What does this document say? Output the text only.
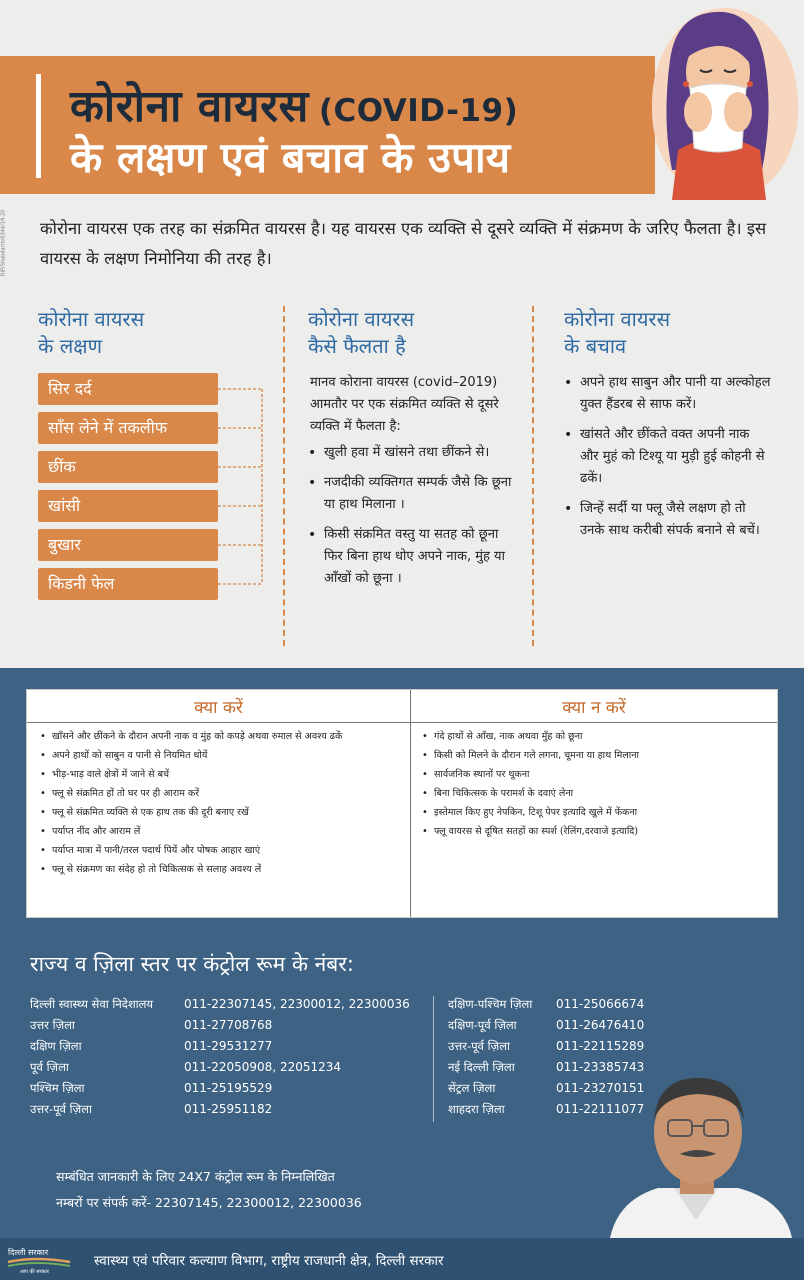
DIP/Shabdarth/0344/19-20
कोरोना वायरस (COVID-19)
के लक्षण एवं बचाव के उपाय
कोरोना वायरस एक तरह का संक्रमित वायरस है। यह वायरस एक व्यक्ति से दूसरे व्यक्ति में संक्रमण के जरिए फैलता है। इस वायरस के लक्षण निमोनिया की तरह है।
कोरोना वायरस
के लक्षण
सिर दर्द
साँस लेने में तकलीफ
छींक
खांसी
बुखार
किडनी फेल
कोरोना वायरस
कैसे फैलता है
मानव कोराना वायरस (covid–2019) आमतौर पर एक संक्रमित व्यक्ति से दूसरे व्यक्ति में फैलता है:
• खुली हवा में खांसने तथा छींकने से।
• नजदीकी व्यक्तिगत सम्पर्क जैसे कि छूना या हाथ मिलाना ।
• किसी संक्रमित वस्तु या सतह को छूना फिर बिना हाथ धोए अपने नाक, मुंह या आँखों को छूना ।
कोरोना वायरस
के बचाव
• अपने हाथ साबुन और पानी या अल्कोहल युक्त हैंडरब से साफ करें।
• खांसते और छींकते वक्त अपनी नाक और मुहं को टिश्यू या मुड़ी हुई कोहनी से ढकें।
• जिन्हें सर्दी या फ्लू जैसे लक्षण हो तो उनके साथ करीबी संपर्क बनाने से बचें।
क्या करें	क्या न करें
• खाँसने और छींकने के दौरान अपनी नाक व मुंह को कपड़े अथवा रुमाल से अवश्य ढकें
• अपने हाथों को साबुन व पानी से नियमित धोयें
• भीड़-भाड़ वाले क्षेत्रों में जाने से बचें
• फ्लू से संक्रमित हों तो घर पर ही आराम करें
• फ्लू से संक्रमित व्यक्ति से एक हाथ तक की दूरी बनाए रखें
• पर्याप्त नींद और आराम लें
• पर्याप्त मात्रा में पानी/तरल पदार्थ पियें और पोषक आहार खाएं
• फ्लू से संक्रमण का संदेह हो तो चिकित्सक से सलाह अवश्य लें
• गंदे हाथों से आँख, नाक अथवा मुँह को छूना
• किसी को मिलने के दौरान गले लगना, चूमना या हाथ मिलाना
• सार्वजनिक स्थानों पर थूकना
• बिना चिकित्सक के परामर्श के दवाएं लेना
• इस्तेमाल किए हुए नेपकिन, टिशू पेपर इत्यादि खुले में फेंकना
• फ्लू वायरस से दूषित सतहों का स्पर्श (रेलिंग,दरवाजे इत्यादि)
राज्य व ज़िला स्तर पर कंट्रोल रूम के नंबर:
दिल्ली स्वास्थ्य सेवा निदेशालय	011-22307145, 22300012, 22300036
उत्तर ज़िला	011-27708768
दक्षिण ज़िला	011-29531277
पूर्व ज़िला	011-22050908, 22051234
पश्चिम ज़िला	011-25195529
उत्तर-पूर्व ज़िला	011-25951182
दक्षिण-पश्चिम ज़िला 011-25066674
दक्षिण-पूर्व ज़िला	011-26476410
उत्तर-पूर्व ज़िला	011-22115289
नई दिल्ली ज़िला	011-23385743
सेंट्रल ज़िला	011-23270151
शाहदरा ज़िला	011-22111077
सम्बंधित जानकारी के लिए 24X7 कंट्रोल रूम के निम्नलिखित
नम्बरों पर संपर्क करें- 22307145, 22300012, 22300036
दिल्ली सरकार
आप की सरकार
स्वास्थ्य एवं परिवार कल्याण विभाग, राष्ट्रीय राजधानी क्षेत्र, दिल्ली सरकार
